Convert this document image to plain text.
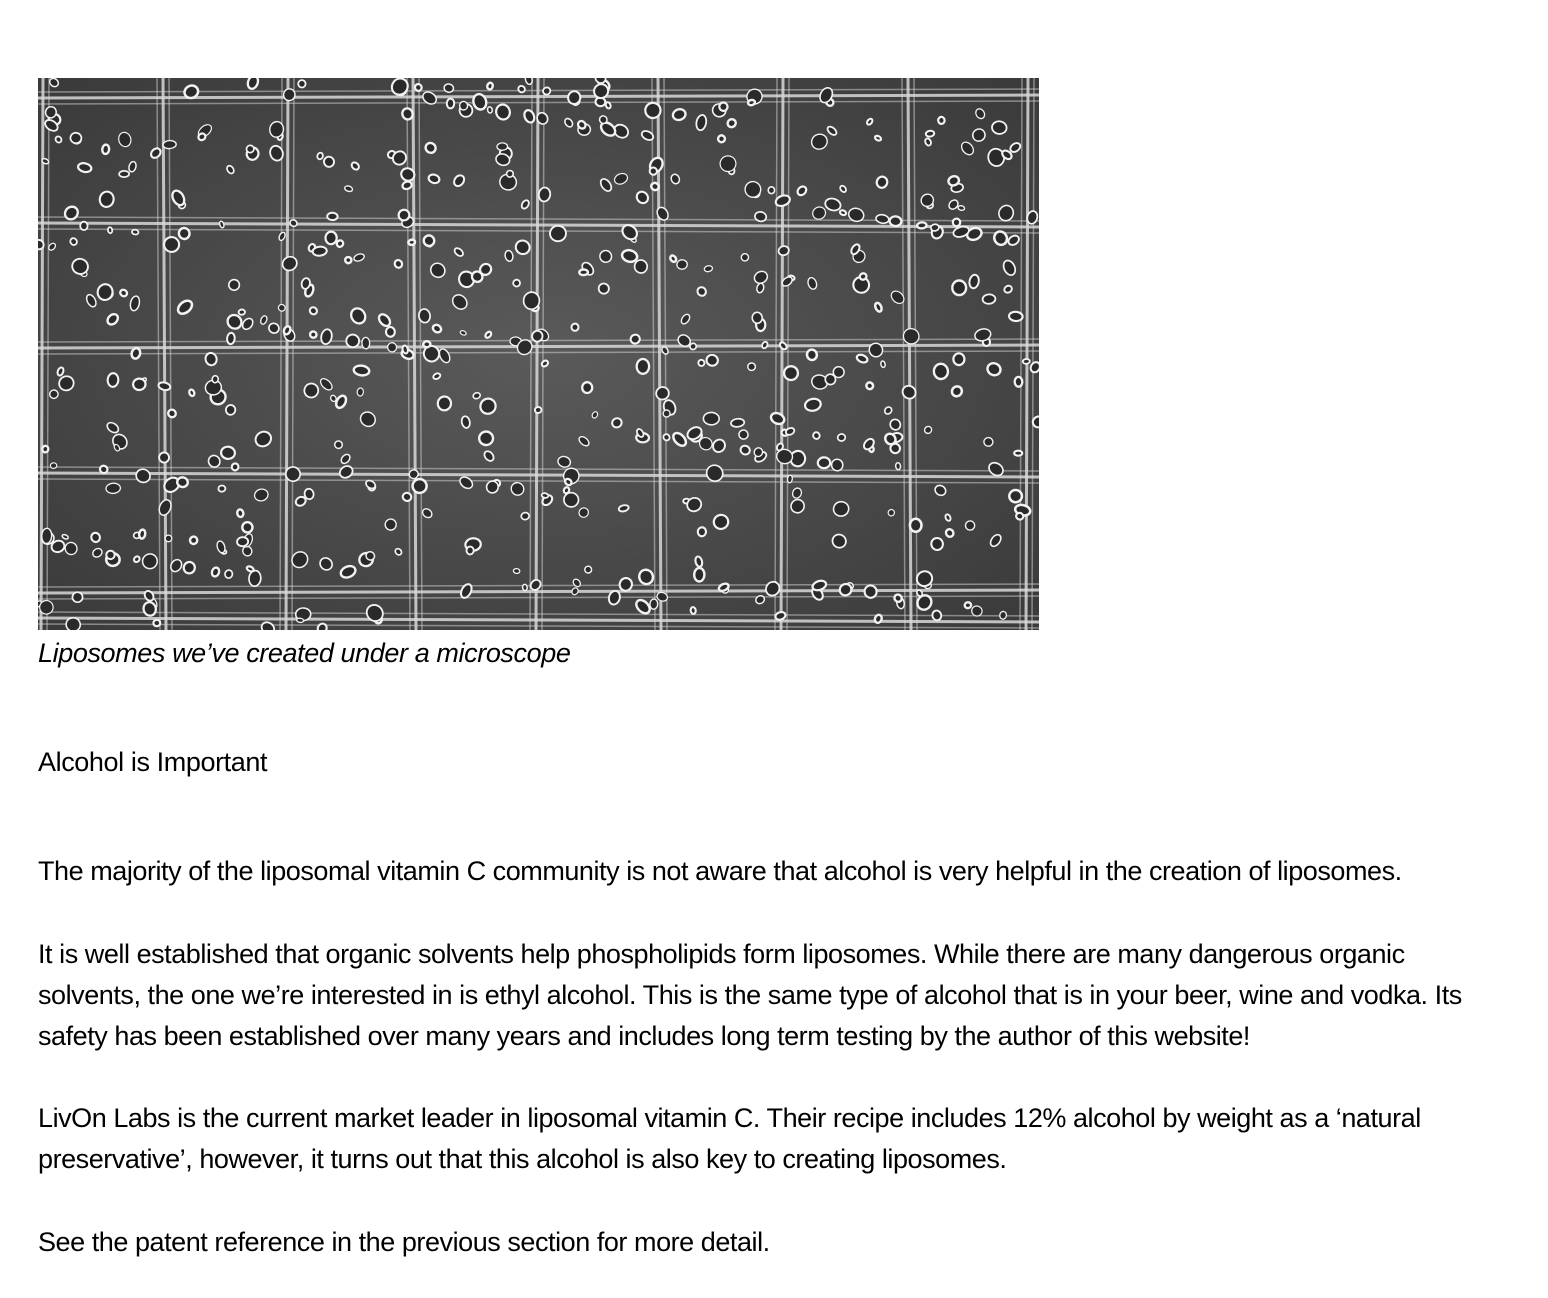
Liposomes we’ve created under a microscope
Alcohol is Important

The majority of the liposomal vitamin C community is not aware that alcohol is very helpful in the creation of liposomes.

It is well established that organic solvents help phospholipids form liposomes. While there are many dangerous organic solvents, the one we’re interested in is ethyl alcohol. This is the same type of alcohol that is in your beer, wine and vodka. Its safety has been established over many years and includes long term testing by the author of this website!

LivOn Labs is the current market leader in liposomal vitamin C. Their recipe includes 12% alcohol by weight as a ‘natural preservative’, however, it turns out that this alcohol is also key to creating liposomes.

See the patent reference in the previous section for more detail.
